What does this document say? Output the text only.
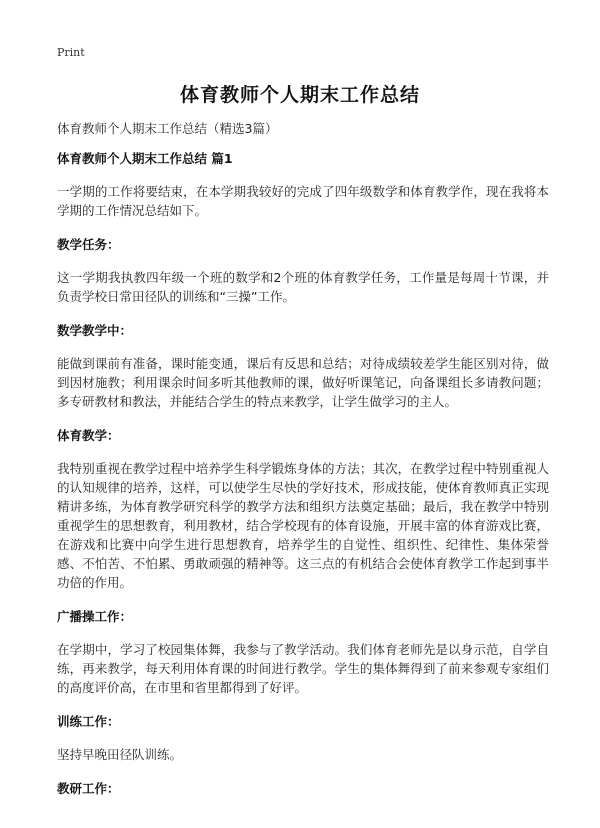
Print
体育教师个人期末工作总结

体育教师个人期末工作总结（精选3篇）

体育教师个人期末工作总结 篇1

一学期的工作将要结束，在本学期我较好的完成了四年级数学和体育教学作，现在我将本学期的工作情况总结如下。

教学任务：

这一学期我执教四年级一个班的数学和2个班的体育教学任务，工作量是每周十节课，并负责学校日常田径队的训练和“三操”工作。

数学教学中：

能做到课前有准备，课时能变通，课后有反思和总结；对待成绩较差学生能区别对待，做到因材施教；利用课余时间多听其他教师的课，做好听课笔记，向备课组长多请教问题；多专研教材和教法，并能结合学生的特点来教学，让学生做学习的主人。

体育教学：

我特别重视在教学过程中培养学生科学锻炼身体的方法；其次，在教学过程中特别重视人的认知规律的培养，这样，可以使学生尽快的学好技术，形成技能，使体育教师真正实现精讲多练，为体育教学研究科学的教学方法和组织方法奠定基础；最后，我在教学中特别重视学生的思想教育，利用教材，结合学校现有的体育设施，开展丰富的体育游戏比赛，在游戏和比赛中向学生进行思想教育，培养学生的自觉性、组织性、纪律性、集体荣誉感、不怕苦、不怕累、勇敢顽强的精神等。这三点的有机结合会使体育教学工作起到事半功倍的作用。

广播操工作：

在学期中，学习了校园集体舞，我参与了教学活动。我们体育老师先是以身示范，自学自练，再来教学，每天利用体育课的时间进行教学。学生的集体舞得到了前来参观专家组们的高度评价高，在市里和省里都得到了好评。

训练工作：

坚持早晚田径队训练。

教研工作：
